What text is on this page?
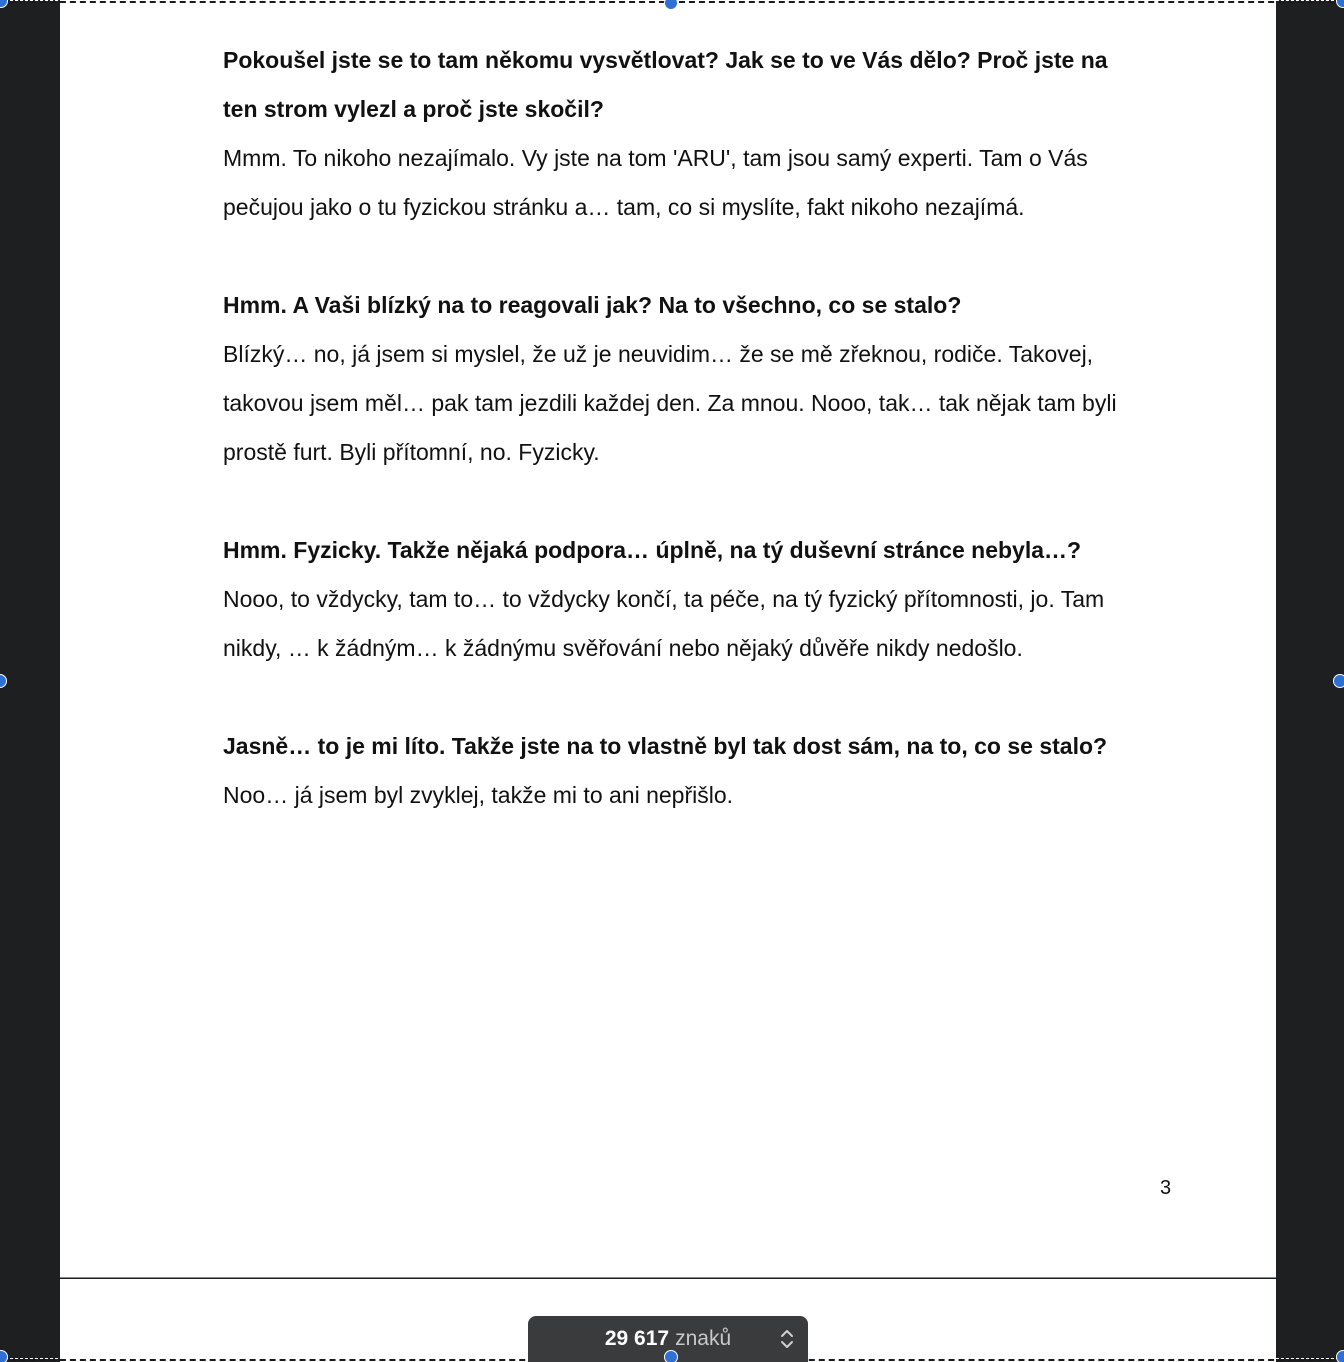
Pokoušel jste se to tam někomu vysvětlovat? Jak se to ve Vás dělo? Proč jste na ten strom vylezl a proč jste skočil?

Mmm. To nikoho nezajímalo. Vy jste na tom 'ARU', tam jsou samý experti. Tam o Vás pečujou jako o tu fyzickou stránku a… tam, co si myslíte, fakt nikoho nezajímá.

Hmm. A Vaši blízký na to reagovali jak? Na to všechno, co se stalo?

Blízký… no, já jsem si myslel, že už je neuvidim… že se mě zřeknou, rodiče. Takovej, takovou jsem měl… pak tam jezdili každej den. Za mnou. Nooo, tak… tak nějak tam byli prostě furt. Byli přítomní, no. Fyzicky.

Hmm. Fyzicky. Takže nějaká podpora… úplně, na tý duševní stránce nebyla…?

Nooo, to vždycky, tam to… to vždycky končí, ta péče, na tý fyzický přítomnosti, jo. Tam nikdy, … k žádným… k žádnýmu svěřování nebo nějaký důvěře nikdy nedošlo.

Jasně… to je mi líto. Takže jste na to vlastně byl tak dost sám, na to, co se stalo?

Noo… já jsem byl zvyklej, takže mi to ani nepřišlo.

3
29 617 znaků
